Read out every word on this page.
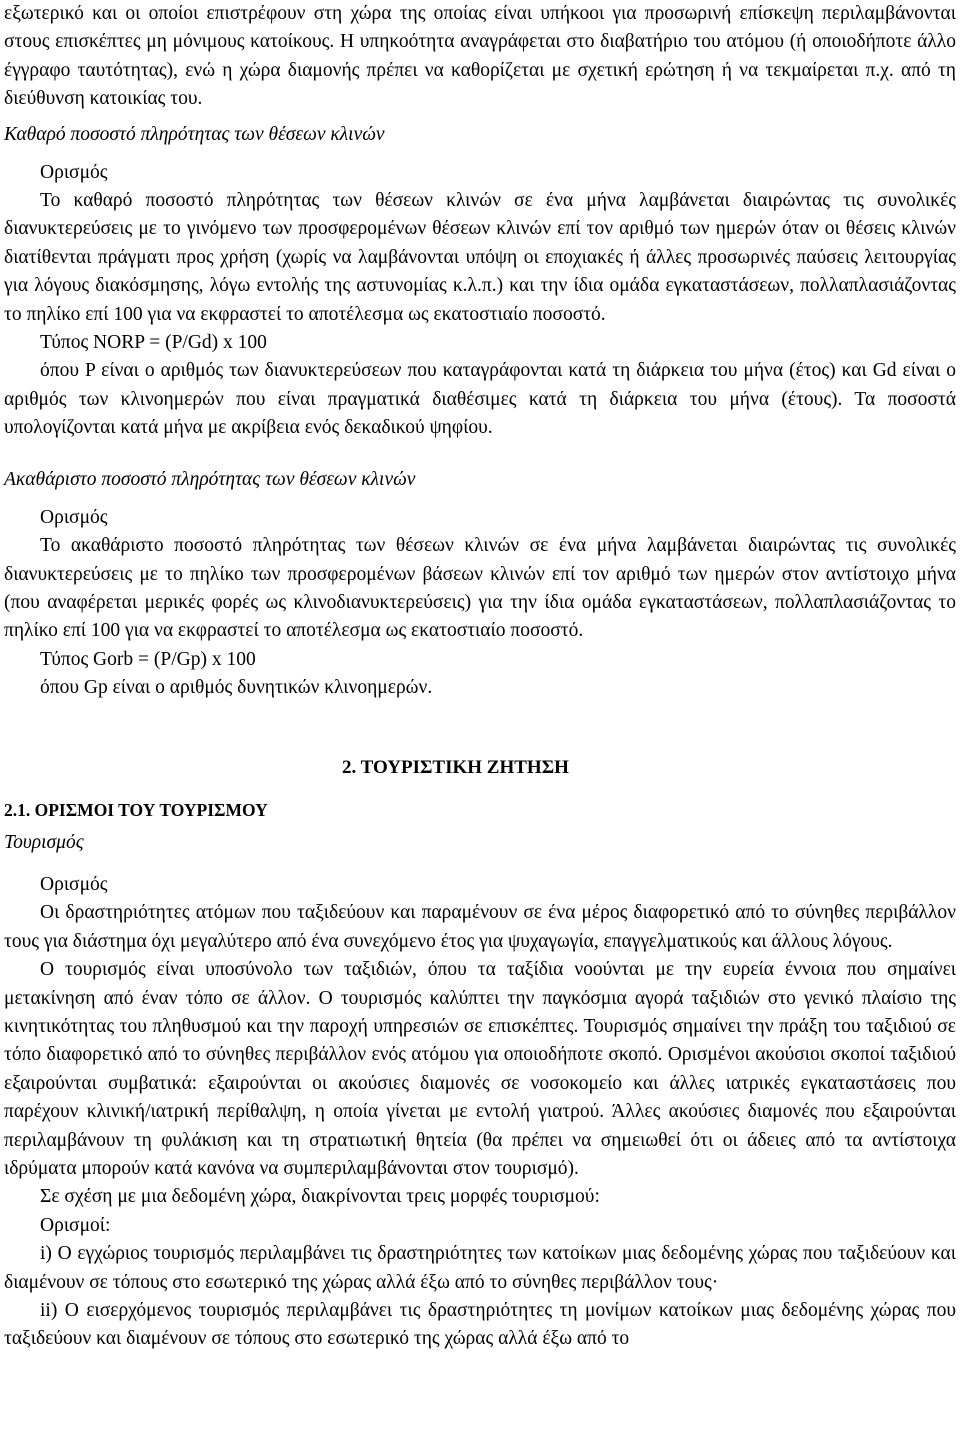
εξωτερικό και οι οποίοι επιστρέφουν στη χώρα της οποίας είναι υπήκοοι για προσωρινή επίσκεψη περιλαμβάνονται στους επισκέπτες μη μόνιμους κατοίκους. Η υπηκοότητα αναγράφεται στο διαβατήριο του ατόμου (ή οποιοδήποτε άλλο έγγραφο ταυτότητας), ενώ η χώρα διαμονής πρέπει να καθορίζεται με σχετική ερώτηση ή να τεκμαίρεται π.χ. από τη διεύθυνση κατοικίας του.

Καθαρό ποσοστό πληρότητας των θέσεων κλινών

Ορισμός

Το καθαρό ποσοστό πληρότητας των θέσεων κλινών σε ένα μήνα λαμβάνεται διαιρώντας τις συνολικές διανυκτερεύσεις με το γινόμενο των προσφερομένων θέσεων κλινών επί τον αριθμό των ημερών όταν οι θέσεις κλινών διατίθενται πράγματι προς χρήση (χωρίς να λαμβάνονται υπόψη οι εποχιακές ή άλλες προσωρινές παύσεις λειτουργίας για λόγους διακόσμησης, λόγω εντολής της αστυνομίας κ.λ.π.) και την ίδια ομάδα εγκαταστάσεων, πολλαπλασιάζοντας το πηλίκο επί 100 για να εκφραστεί το αποτέλεσμα ως εκατοστιαίο ποσοστό.

Τύπος NORP = (P/Gd) x 100

όπου P είναι ο αριθμός των διανυκτερεύσεων που καταγράφονται κατά τη διάρκεια του μήνα (έτος) και Gd είναι ο αριθμός των κλινοημερών που είναι πραγματικά διαθέσιμες κατά τη διάρκεια του μήνα (έτους). Τα ποσοστά υπολογίζονται κατά μήνα με ακρίβεια ενός δεκαδικού ψηφίου.

Ακαθάριστο ποσοστό πληρότητας των θέσεων κλινών

Ορισμός

Το ακαθάριστο ποσοστό πληρότητας των θέσεων κλινών σε ένα μήνα λαμβάνεται διαιρώντας τις συνολικές διανυκτερεύσεις με το πηλίκο των προσφερομένων βάσεων κλινών επί τον αριθμό των ημερών στον αντίστοιχο μήνα (που αναφέρεται μερικές φορές ως κλινοδιανυκτερεύσεις) για την ίδια ομάδα εγκαταστάσεων, πολλαπλασιάζοντας το πηλίκο επί 100 για να εκφραστεί το αποτέλεσμα ως εκατοστιαίο ποσοστό.

Τύπος Gorb = (P/Gp) x 100

όπου Gp είναι ο αριθμός δυνητικών κλινοημερών.

2. ΤΟΥΡΙΣΤΙΚΗ ΖΗΤΗΣΗ

2.1. ΟΡΙΣΜΟΙ ΤΟΥ ΤΟΥΡΙΣΜΟΥ

Τουρισμός

Ορισμός

Οι δραστηριότητες ατόμων που ταξιδεύουν και παραμένουν σε ένα μέρος διαφορετικό από το σύνηθες περιβάλλον τους για διάστημα όχι μεγαλύτερο από ένα συνεχόμενο έτος για ψυχαγωγία, επαγγελματικούς και άλλους λόγους.

Ο τουρισμός είναι υποσύνολο των ταξιδιών, όπου τα ταξίδια νοούνται με την ευρεία έννοια που σημαίνει μετακίνηση από έναν τόπο σε άλλον. Ο τουρισμός καλύπτει την παγκόσμια αγορά ταξιδιών στο γενικό πλαίσιο της κινητικότητας του πληθυσμού και την παροχή υπηρεσιών σε επισκέπτες. Τουρισμός σημαίνει την πράξη του ταξιδιού σε τόπο διαφορετικό από το σύνηθες περιβάλλον ενός ατόμου για οποιοδήποτε σκοπό. Ορισμένοι ακούσιοι σκοποί ταξιδιού εξαιρούνται συμβατικά: εξαιρούνται οι ακούσιες διαμονές σε νοσοκομείο και άλλες ιατρικές εγκαταστάσεις που παρέχουν κλινική/ιατρική περίθαλψη, η οποία γίνεται με εντολή γιατρού. Άλλες ακούσιες διαμονές που εξαιρούνται περιλαμβάνουν τη φυλάκιση και τη στρατιωτική θητεία (θα πρέπει να σημειωθεί ότι οι άδειες από τα αντίστοιχα ιδρύματα μπορούν κατά κανόνα να συμπεριλαμβάνονται στον τουρισμό).

Σε σχέση με μια δεδομένη χώρα, διακρίνονται τρεις μορφές τουρισμού:

Ορισμοί:

i) Ο εγχώριος τουρισμός περιλαμβάνει τις δραστηριότητες των κατοίκων μιας δεδομένης χώρας που ταξιδεύουν και διαμένουν σε τόπους στο εσωτερικό της χώρας αλλά έξω από το σύνηθες περιβάλλον τους·

ii) Ο εισερχόμενος τουρισμός περιλαμβάνει τις δραστηριότητες τη μονίμων κατοίκων μιας δεδομένης χώρας που ταξιδεύουν και διαμένουν σε τόπους στο εσωτερικό της χώρας αλλά έξω από το
